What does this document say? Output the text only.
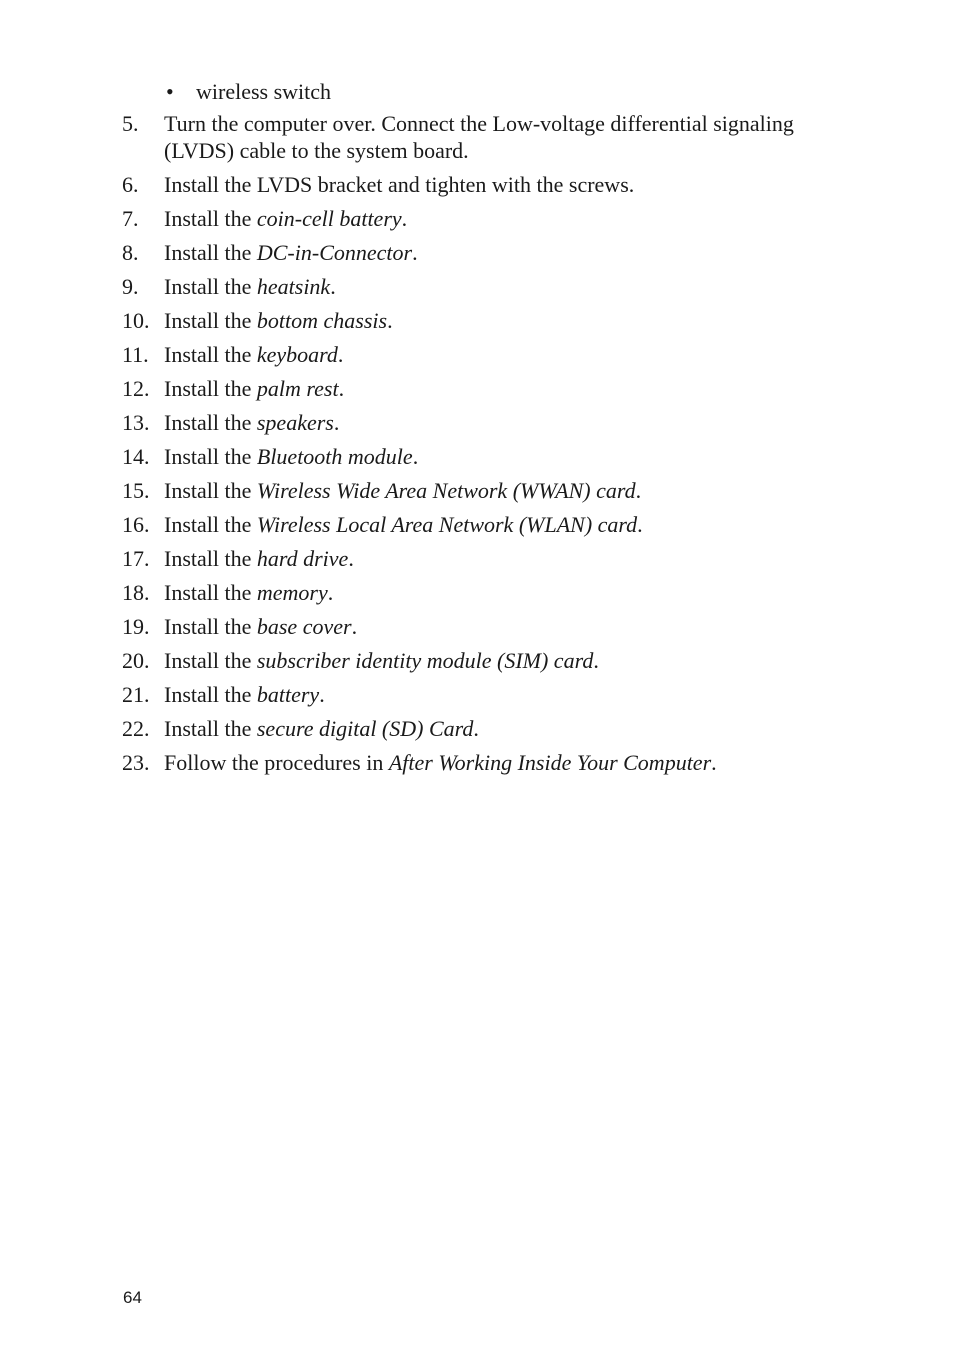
• wireless switch
5.	Turn the computer over. Connect the Low-voltage differential signaling (LVDS) cable to the system board.
6.	Install the LVDS bracket and tighten with the screws.
7.	Install the coin-cell battery.
8.	Install the DC-in-Connector.
9.	Install the heatsink.
10. Install the bottom chassis.
11. Install the keyboard.
12. Install the palm rest.
13. Install the speakers.
14. Install the Bluetooth module.
15. Install the Wireless Wide Area Network (WWAN) card.
16. Install the Wireless Local Area Network (WLAN) card.
17. Install the hard drive.
18. Install the memory.
19. Install the base cover.
20. Install the subscriber identity module (SIM) card.
21. Install the battery.
22. Install the secure digital (SD) Card.
23. Follow the procedures in After Working Inside Your Computer.
64
